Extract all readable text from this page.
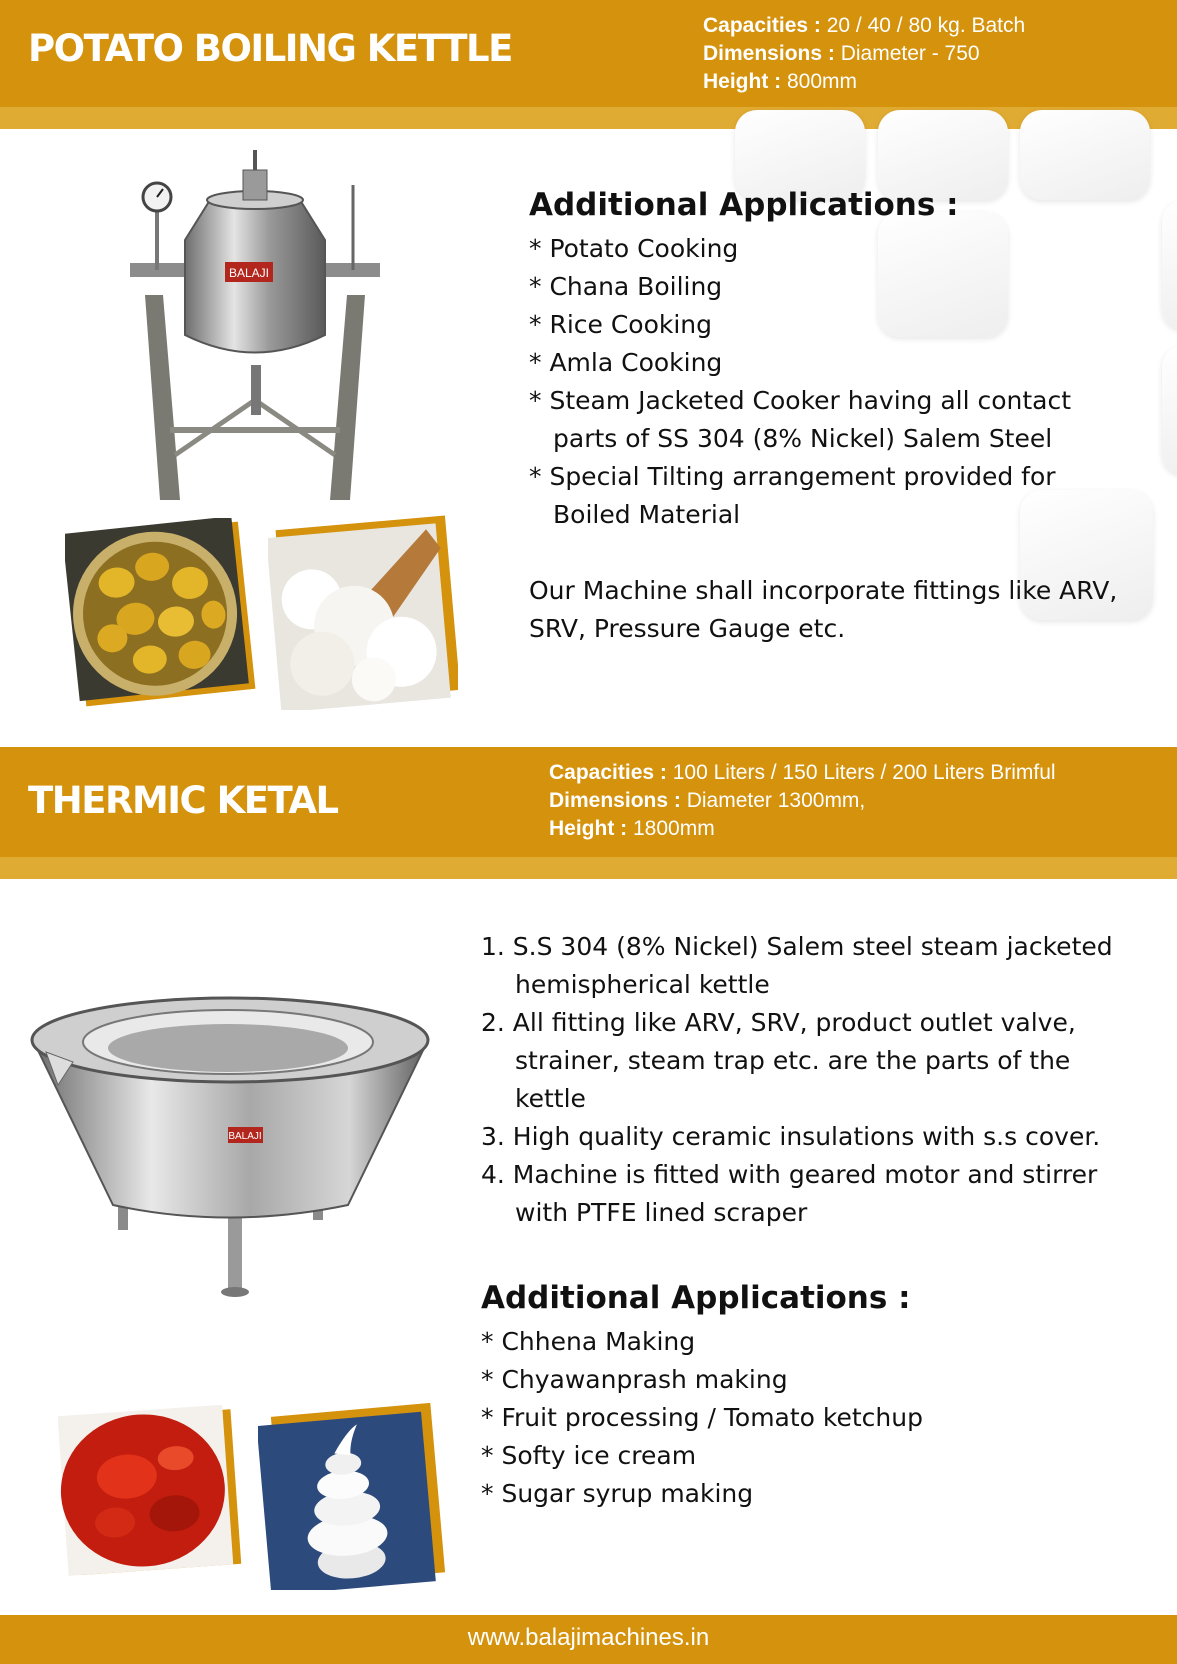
POTATO BOILING KETTLE
Capacities : 20 / 40 / 80 kg. Batch
Dimensions : Diameter - 750
Height : 800mm
BALAJI
Additional Applications :
* Potato Cooking
* Chana Boiling
* Rice Cooking
* Amla Cooking
* Steam Jacketed Cooker having all contact
parts of SS 304 (8% Nickel) Salem Steel
* Special Tilting arrangement provided for
Boiled Material
Our Machine shall incorporate fittings like ARV,
SRV, Pressure Gauge etc.
THERMIC KETAL
Capacities : 100 Liters / 150 Liters / 200 Liters Brimful
Dimensions : Diameter 1300mm,
Height : 1800mm
BALAJI
1. S.S 304 (8% Nickel) Salem steel steam jacketed
hemispherical kettle
2. All fitting like ARV, SRV, product outlet valve,
strainer, steam trap etc. are the parts of the
kettle
3. High quality ceramic insulations with s.s cover.
4. Machine is fitted with geared motor and stirrer
with PTFE lined scraper
Additional Applications :
* Chhena Making
* Chyawanprash making
* Fruit processing / Tomato ketchup
* Softy ice cream
* Sugar syrup making
www.balajimachines.in
